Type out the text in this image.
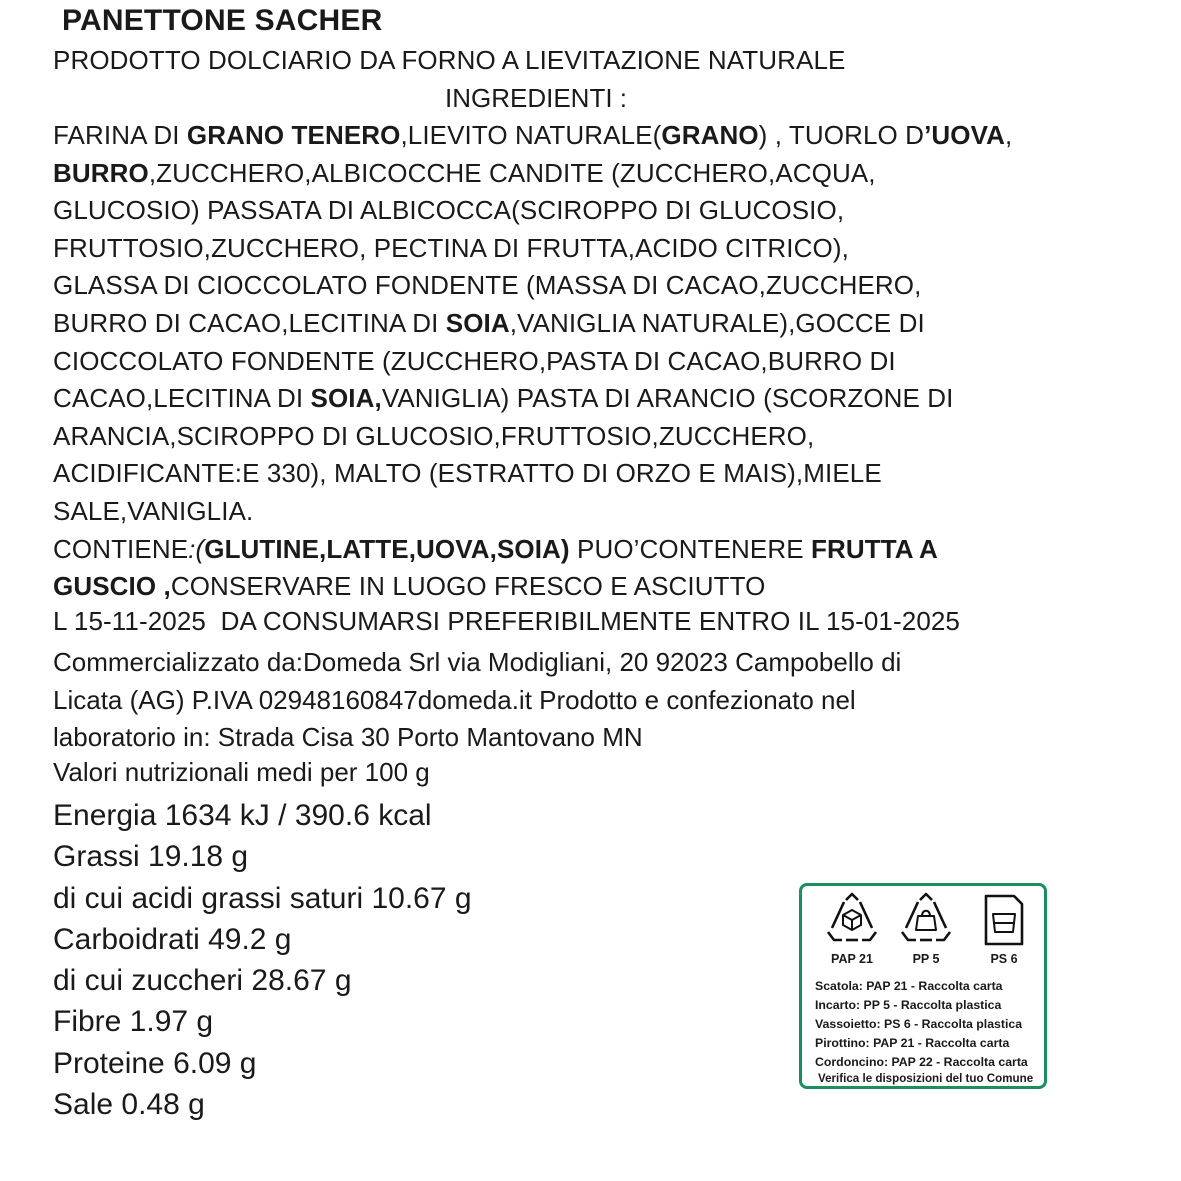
PANETTONE SACHER
PRODOTTO DOLCIARIO DA FORNO A LIEVITAZIONE NATURALE
INGREDIENTI :

FARINA DI GRANO TENERO,LIEVITO NATURALE(GRANO) , TUORLO D’UOVA,

BURRO,ZUCCHERO,ALBICOCCHE CANDITE (ZUCCHERO,ACQUA,

GLUCOSIO) PASSATA DI ALBICOCCA(SCIROPPO DI GLUCOSIO,

FRUTTOSIO,ZUCCHERO, PECTINA DI FRUTTA,ACIDO CITRICO),

GLASSA DI CIOCCOLATO FONDENTE (MASSA DI CACAO,ZUCCHERO,

BURRO DI CACAO,LECITINA DI SOIA,VANIGLIA NATURALE),GOCCE DI

CIOCCOLATO FONDENTE (ZUCCHERO,PASTA DI CACAO,BURRO DI

CACAO,LECITINA DI SOIA,VANIGLIA) PASTA DI ARANCIO (SCORZONE DI

ARANCIA,SCIROPPO DI GLUCOSIO,FRUTTOSIO,ZUCCHERO,

ACIDIFICANTE:E 330), MALTO (ESTRATTO DI ORZO E MAIS),MIELE

SALE,VANIGLIA.

CONTIENE:(GLUTINE,LATTE,UOVA,SOIA) PUO’CONTENERE FRUTTA A

GUSCIO ,CONSERVARE IN LUOGO FRESCO E ASCIUTTO

L 15-11-2025  DA CONSUMARSI PREFERIBILMENTE ENTRO IL 15-01-2025

Commercializzato da:Domeda Srl via Modigliani, 20 92023 Campobello di

Licata (AG) P.IVA 02948160847domeda.it Prodotto e confezionato nel

laboratorio in: Strada Cisa 30 Porto Mantovano MN

Valori nutrizionali medi per 100 g

Energia 1634 kJ / 390.6 kcal

Grassi 19.18 g

di cui acidi grassi saturi 10.67 g

Carboidrati 49.2 g

di cui zuccheri 28.67 g

Fibre 1.97 g

Proteine 6.09 g

Sale 0.48 g

PAP 21	PP 5	PS 6

Scatola: PAP 21 - Raccolta carta

Incarto: PP 5 - Raccolta plastica

Vassoietto: PS 6 - Raccolta plastica

Pirottino: PAP 21 - Raccolta carta

Cordoncino: PAP 22 - Raccolta carta

Verifica le disposizioni del tuo Comune
